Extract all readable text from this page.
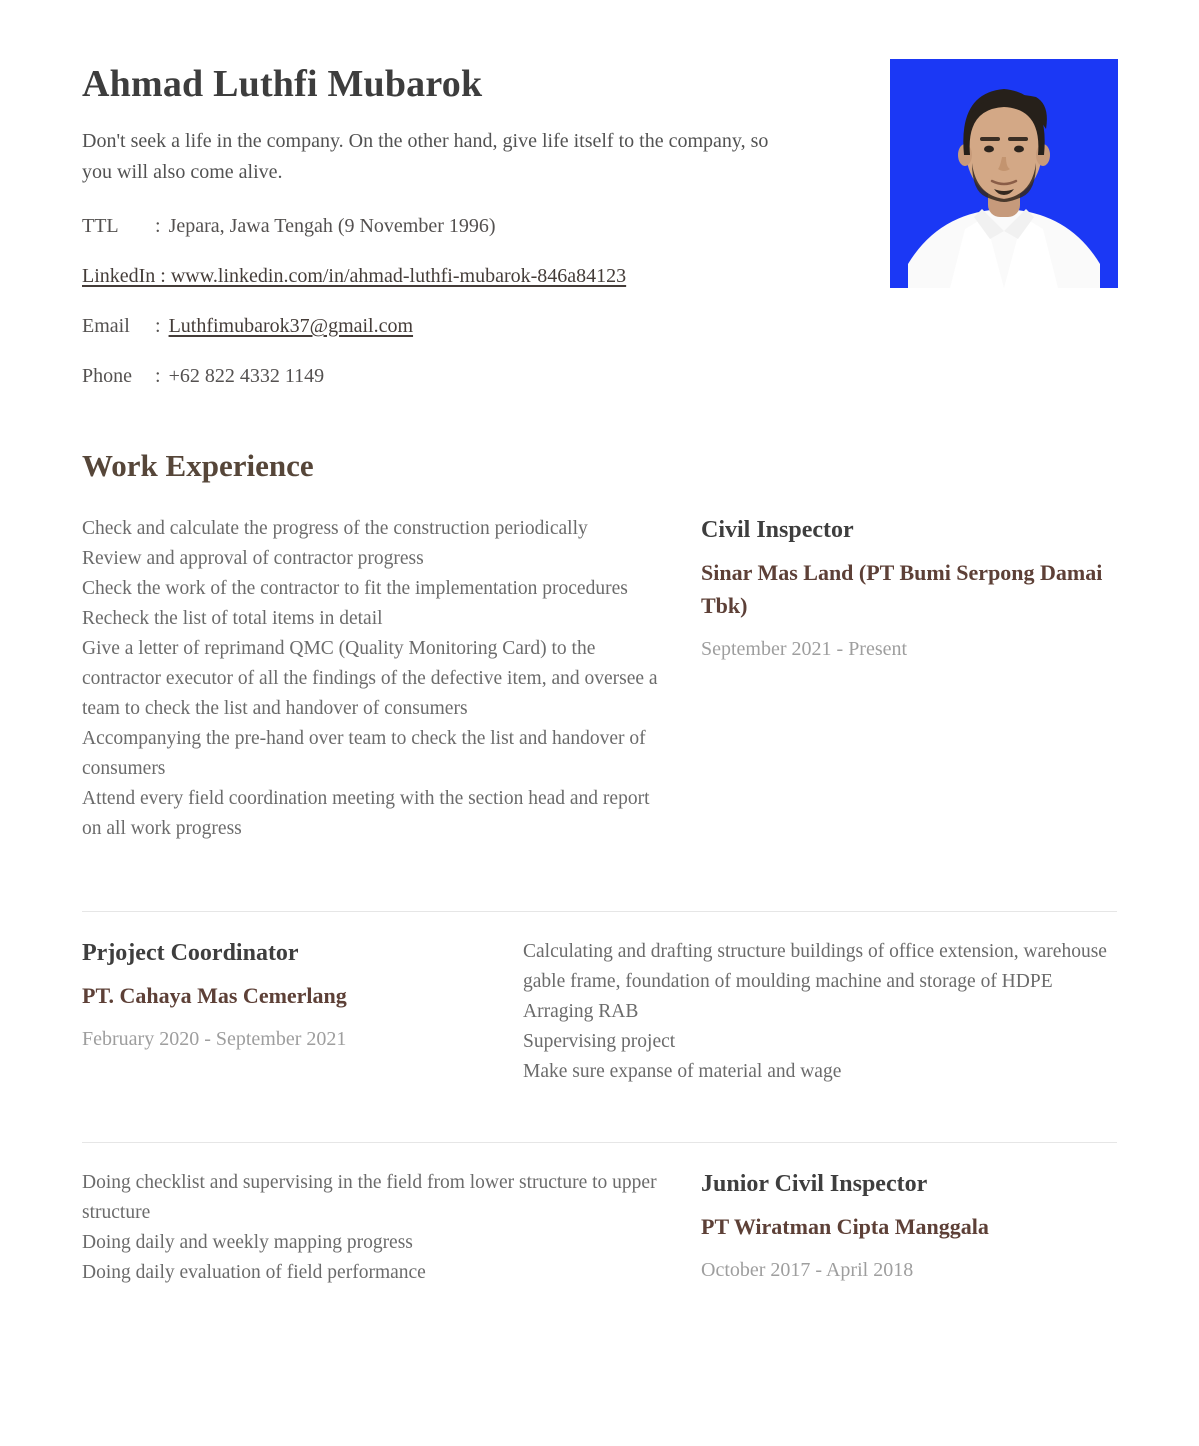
Ahmad Luthfi Mubarok

Don't seek a life in the company. On the other hand, give life itself to the company, so you will also come alive.

TTL	: Jepara, Jawa Tengah (9 November 1996)
LinkedIn : www.linkedin.com/in/ahmad-luthfi-mubarok-846a84123
Email	: Luthfimubarok37@gmail.com
Phone	: +62 822 4332 1149
Work Experience

Check and calculate the progress of the construction periodically

Review and approval of contractor progress

Check the work of the contractor to fit the implementation procedures

Recheck the list of total items in detail

Give a letter of reprimand QMC (Quality Monitoring Card) to the contractor executor of all the findings of the defective item, and oversee a team to check the list and handover of consumers

Accompanying the pre-hand over team to check the list and handover of consumers

Attend every field coordination meeting with the section head and report on all work progress

Civil Inspector
Sinar Mas Land (PT Bumi Serpong Damai Tbk)
September 2021 - Present
Prjoject Coordinator
PT. Cahaya Mas Cemerlang
February 2020 - September 2021

Calculating and drafting structure buildings of office extension, warehouse gable frame, foundation of moulding machine and storage of HDPE

Arraging RAB

Supervising project

Make sure expanse of material and wage

Doing checklist and supervising in the field from lower structure to upper structure

Doing daily and weekly mapping progress

Doing daily evaluation of field performance

Junior Civil Inspector
PT Wiratman Cipta Manggala
October 2017 - April 2018
